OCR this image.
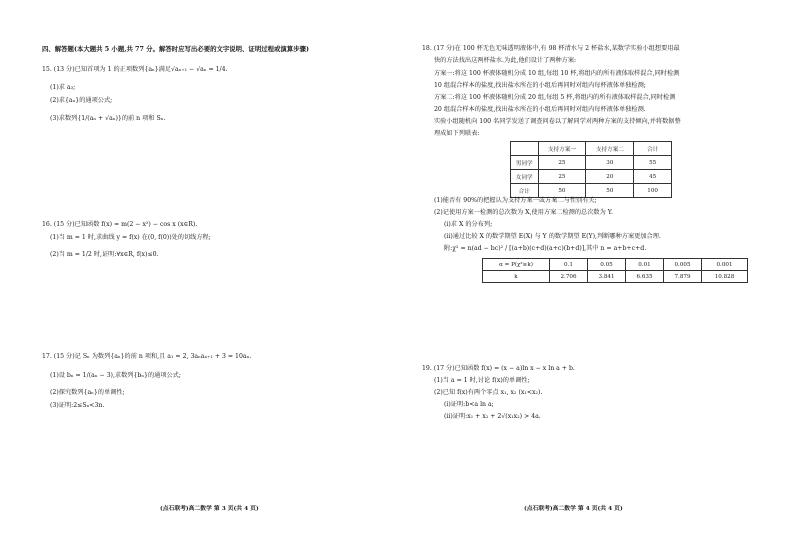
四、解答题(本大题共 5 小题,共 77 分。解答时应写出必要的文字说明、证明过程或演算步骤)
15. (13 分)已知首项为 1 的正项数列{aₙ}满足√aₙ₊₁ − √aₙ = 1/4.
(1)求 a₃;
(2)求{aₙ}的通项公式;
(3)求数列{1/(aₙ + √aₙ)}的前 n 项和 Sₙ.
16. (15 分)已知函数 f(x) = m(2 − x²) − cos x (x∈R).
(1)当 m = 1 时,求曲线 y = f(x) 在(0, f(0))处的切线方程;
(2)当 m = 1/2 时,证明:∀x∈R, f(x)≤0.
17. (15 分)记 Sₙ 为数列{aₙ}的前 n 项和,且 a₁ = 2, 3aₙaₙ₊₁ + 3 = 10aₙ.
(1)设 bₙ = 1/(aₙ − 3),求数列{bₙ}的通项公式;
(2)探究数列{aₙ}的单调性;
(3)证明:2≤Sₙ<3n.
(点石联考)高二数学 第 3 页(共 4 页)
18. (17 分)在 100 杯无色无味透明液体中,有 98 杯清水与 2 杯盐水,某数学实验小组想要用最
快的方法找出这两杯盐水.为此,他们设计了两种方案:
方案一:将这 100 杯液体随机分成 10 组,每组 10 杯,将组内的所有液体取样混合,同时检测
10 组混合样本的盐度,找出盐水所在的小组后再同时对组内每杯液体单独检测;
方案二:将这 100 杯液体随机分成 20 组,每组 5 杯,将组内的所有液体取样混合,同时检测
20 组混合样本的盐度,找出盐水所在的小组后再同时对组内每杯液体单独检测.
实验小组随机向 100 名同学发送了调查问卷以了解同学对两种方案的支持倾向,并将数据整
理成如下列联表:
	支持方案一	支持方案二	合计
男同学	25	30	55
女同学	25	20	45
合计	50	50	100
(1)能否有 90%的把握认为支持方案一或方案二与性别有关;
(2)记使用方案一检测的总次数为 X,使用方案二检测的总次数为 Y.
(ⅰ)求 X 的分布列;
(ⅱ)通过比较 X 的数学期望 E(X) 与 Y 的数学期望 E(Y),判断哪种方案更加合理.
附:χ² = n(ad − bc)² / [(a+b)(c+d)(a+c)(b+d)],其中 n = a+b+c+d.
α = P(χ²≥k)	0.1	0.05	0.01	0.005	0.001
k	2.706	3.841	6.635	7.879	10.828
19. (17 分)已知函数 f(x) = (x − a)ln x − x ln a + b.
(1)当 a = 1 时,讨论 f(x)的单调性;
(2)已知 f(x)有两个零点 x₁, x₂ (x₁<x₂).
(ⅰ)证明:b<a ln a;
(ⅱ)证明:x₁ + x₂ + 2√(x₁x₂) > 4a.
(点石联考)高二数学 第 4 页(共 4 页)
